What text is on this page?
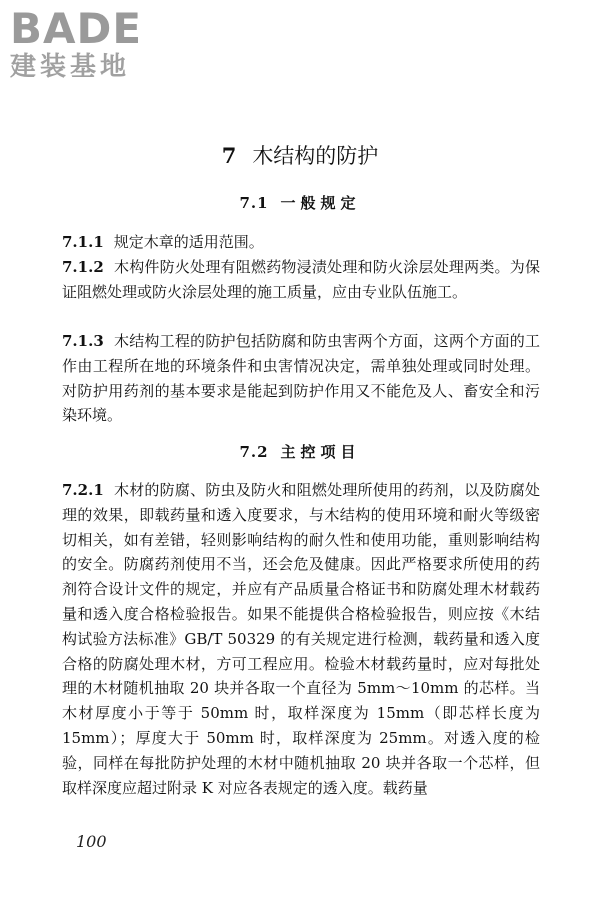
BADE
建装基地
7 木结构的防护
7.1 一般规定

7.1.1 规定木章的适用范围。

7.1.2 木构件防火处理有阻燃药物浸渍处理和防火涂层处理两类。为保证阻燃处理或防火涂层处理的施工质量，应由专业队伍施工。

7.1.3 木结构工程的防护包括防腐和防虫害两个方面，这两个方面的工作由工程所在地的环境条件和虫害情况决定，需单独处理或同时处理。对防护用药剂的基本要求是能起到防护作用又不能危及人、畜安全和污染环境。

7.2 主控项目

7.2.1 木材的防腐、防虫及防火和阻燃处理所使用的药剂，以及防腐处理的效果，即载药量和透入度要求，与木结构的使用环境和耐火等级密切相关，如有差错，轻则影响结构的耐久性和使用功能，重则影响结构的安全。防腐药剂使用不当，还会危及健康。因此严格要求所使用的药剂符合设计文件的规定，并应有产品质量合格证书和防腐处理木材载药量和透入度合格检验报告。如果不能提供合格检验报告，则应按《木结构试验方法标准》GB/T 50329 的有关规定进行检测，载药量和透入度合格的防腐处理木材，方可工程应用。检验木材载药量时，应对每批处理的木材随机抽取 20 块并各取一个直径为 5mm～10mm 的芯样。当木材厚度小于等于 50mm 时，取样深度为 15mm（即芯样长度为 15mm）；厚度大于 50mm 时，取样深度为 25mm。对透入度的检验，同样在每批防护处理的木材中随机抽取 20 块并各取一个芯样，但取样深度应超过附录 K 对应各表规定的透入度。载药量

100
